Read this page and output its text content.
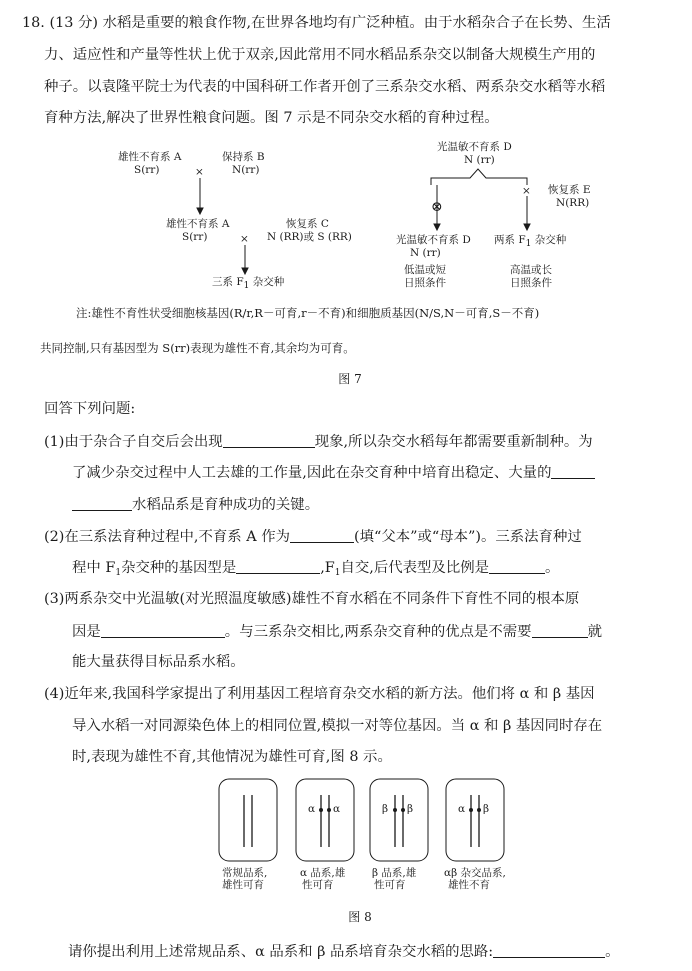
18. (13 分) 水稻是重要的粮食作物,在世界各地均有广泛种植。由于水稻杂合子在长势、生活
力、适应性和产量等性状上优于双亲,因此常用不同水稻品系杂交以制备大规模生产用的
种子。以袁隆平院士为代表的中国科研工作者开创了三系杂交水稻、两系杂交水稻等水稻
育种方法,解决了世界性粮食问题。图 7 示是不同杂交水稻的育种过程。
雄性不育系 A
S(rr)
保持系 B
N(rr)
×
雄性不育系 A
S(rr)	×
恢复系 C
N (RR)或 S (RR)
三系 F1 杂交种
光温敏不育系 D
N (rr)
× 恢复系 E
N(RR)
⊗
光温敏不育系 D
N (rr)
两系 F1 杂交种
低温或短
日照条件
高温或长
日照条件
注:雄性不育性状受细胞核基因(R/r,R－可育,r－不育)和细胞质基因(N/S,N－可育,S－不育)
共同控制,只有基因型为 S(rr)表现为雄性不育,其余均为可育。
图 7
回答下列问题:
(1)由于杂合子自交后会出现	现象,所以杂交水稻每年都需要重新制种。为
了减少杂交过程中人工去雄的工作量,因此在杂交育种中培育出稳定、大量的
水稻品系是育种成功的关键。
(2)在三系法育种过程中,不育系 A 作为	(填“父本”或“母本”)。三系法育种过
程中 $F_1$杂交种的基因型是	$,F_1$自交,后代表型及比例是	。
(3)两系杂交中光温敏(对光照温度敏感)雄性不育水稻在不同条件下育性不同的根本原
因是	。与三系杂交相比,两系杂交育种的优点是不需要	就
能大量获得目标品系水稻。
(4)近年来,我国科学家提出了利用基因工程培育杂交水稻的新方法。他们将 α 和 β 基因
导入水稻一对同源染色体上的相同位置,模拟一对等位基因。当 α 和 β 基因同时存在
时,表现为雄性不育,其他情况为雄性可育,图 8 示。
α α	β β	α β
常规品系,
雄性可育
α 品系,雄
性可育
β 品系,雄
性可育
αβ 杂交品系,
雄性不育
图 8
请你提出利用上述常规品系、α 品系和 β 品系培育杂交水稻的思路:	。
